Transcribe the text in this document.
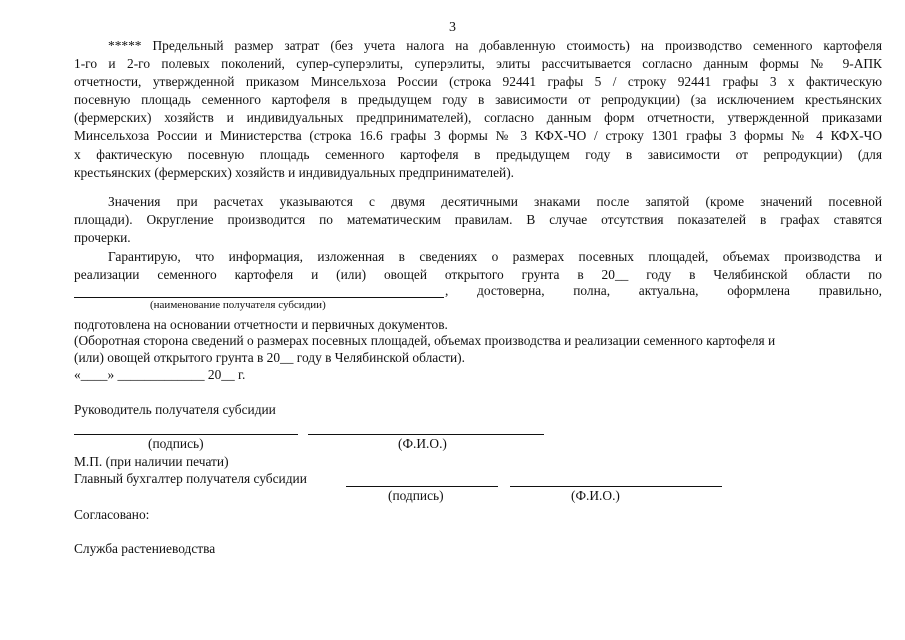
3
***** Предельный размер затрат (без учета налога на добавленную стоимость) на производство семенного картофеля
1-го и 2-го полевых поколений, супер-суперэлиты, суперэлиты, элиты рассчитывается согласно данным формы № 9-АПК
отчетности, утвержденной приказом Минсельхоза России (строка 92441 графы 5 / строку 92441 графы 3 х фактическую
посевную площадь семенного картофеля в предыдущем году в зависимости от репродукции) (за исключением крестьянских
(фермерских) хозяйств и индивидуальных предпринимателей), согласно данным форм отчетности, утвержденной приказами
Минсельхоза России и Министерства (строка 16.6 графы 3 формы № 3 КФХ-ЧО / строку 1301 графы 3 формы № 4 КФХ-ЧО
х фактическую посевную площадь семенного картофеля в предыдущем году в зависимости от репродукции) (для
крестьянских (фермерских) хозяйств и индивидуальных предпринимателей).
Значения при расчетах указываются с двумя десятичными знаками после запятой (кроме значений посевной
площади). Округление производится по математическим правилам. В случае отсутствия показателей в графах ставятся
прочерки.
Гарантирую, что информация, изложенная в сведениях о размерах посевных площадей, объемах производства и
реализации семенного картофеля и (или) овощей открытого грунта в 20__ году в Челябинской области по
, достоверна, полна, актуальна, оформлена правильно,
(наименование получателя субсидии)
подготовлена на основании отчетности и первичных документов.
(Оборотная сторона сведений о размерах посевных площадей, объемах производства и реализации семенного картофеля и
(или) овощей открытого грунта в 20__ году в Челябинской области).
«____» _____________ 20__ г.
Руководитель получателя субсидии
(подпись)	(Ф.И.О.)
М.П. (при наличии печати)
Главный бухгалтер получателя субсидии
(подпись)	(Ф.И.О.)
Согласовано:
Служба растениеводства
